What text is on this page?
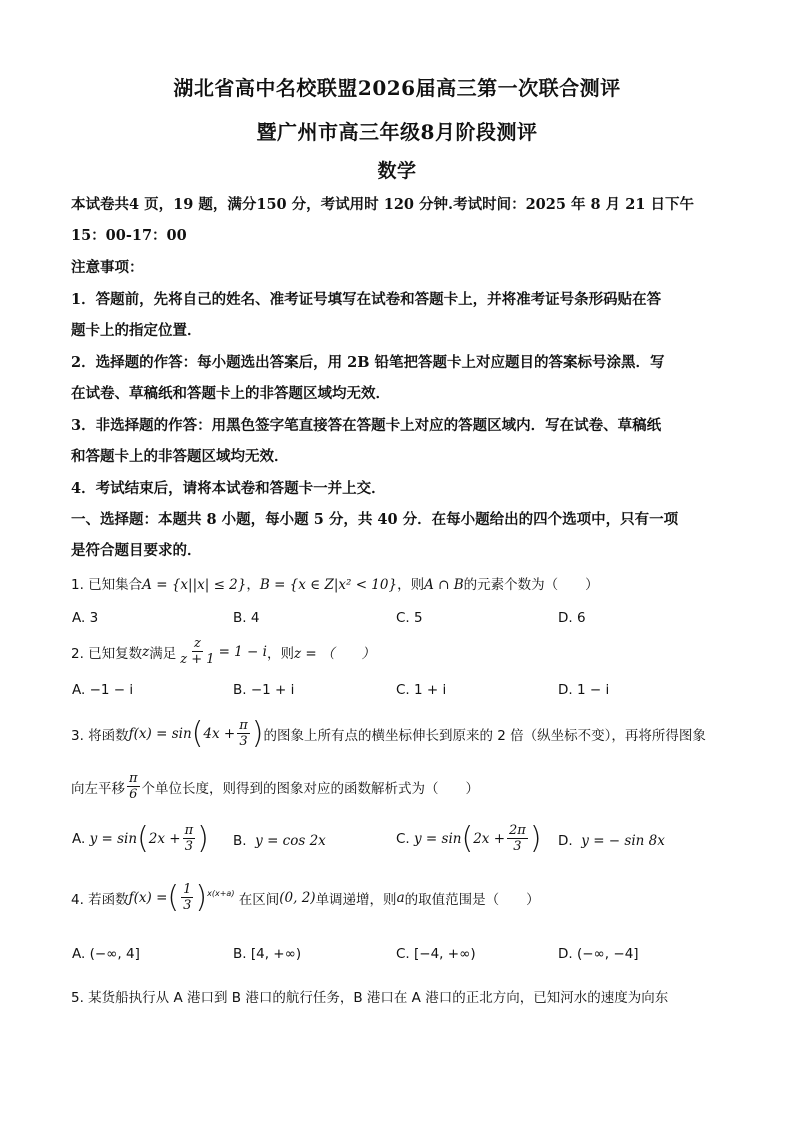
湖北省高中名校联盟2026届高三第一次联合测评
暨广州市高三年级8月阶段测评
数学
本试卷共4 页，19 题，满分150 分，考试用时 120 分钟.考试时间：2025 年 8 月 21 日下午
15：00-17：00
注意事项：
1．答题前，先将自己的姓名、准考证号填写在试卷和答题卡上，并将准考证号条形码贴在答
题卡上的指定位置．
2．选择题的作答：每小题选出答案后，用 2B 铅笔把答题卡上对应题目的答案标号涂黑．写
在试卷、草稿纸和答题卡上的非答题区域均无效．
3．非选择题的作答：用黑色签字笔直接答在答题卡上对应的答题区域内．写在试卷、草稿纸
和答题卡上的非答题区域均无效．
4．考试结束后，请将本试卷和答题卡一并上交．
一、选择题：本题共 8 小题，每小题 5 分，共 40 分．在每小题给出的四个选项中，只有一项
是符合题目要求的．
1. 已知集合A = {x||x| ≤ 2}，B = {x ∈ Z|x² < 10}，则A ∩ B的元素个数为（　　）
A. 3	B. 4	C. 5	D. 6
2. 已知复数 z 满足 $\frac{z}{z + 1} = 1 - i$ ，则 z = （　　）
A. −1 − i	B. −1 + i	C. 1 + i	D. 1 − i
3. 将函数 f(x) = sin ( $4x + \frac{\pi}{3}$ ) 的图象上所有点的横坐标伸长到原来的 2 倍（纵坐标不变），再将所得图象
向左平移 $\frac{\pi}{6}$ 个单位长度，则得到的图象对应的函数解析式为（　　）
A.
y = sin ( $2x + \frac{\pi}{3}$ ) B. y = cos 2x	C.
y = sin ( $2x + \frac{2\pi}{3}$ ) D. y = − sin 8x
4. 若函数 f(x) = ( $\frac{1}{3}$ ) x(x+a)
在区间 (0, 2) 单调递增，则 a 的取值范围是（　　）
A. (−∞, 4]	B. [4, +∞)	C. [−4, +∞)	D. (−∞, −4]
5. 某货船执行从 A 港口到 B 港口的航行任务，B 港口在 A 港口的正北方向，已知河水的速度为向东
